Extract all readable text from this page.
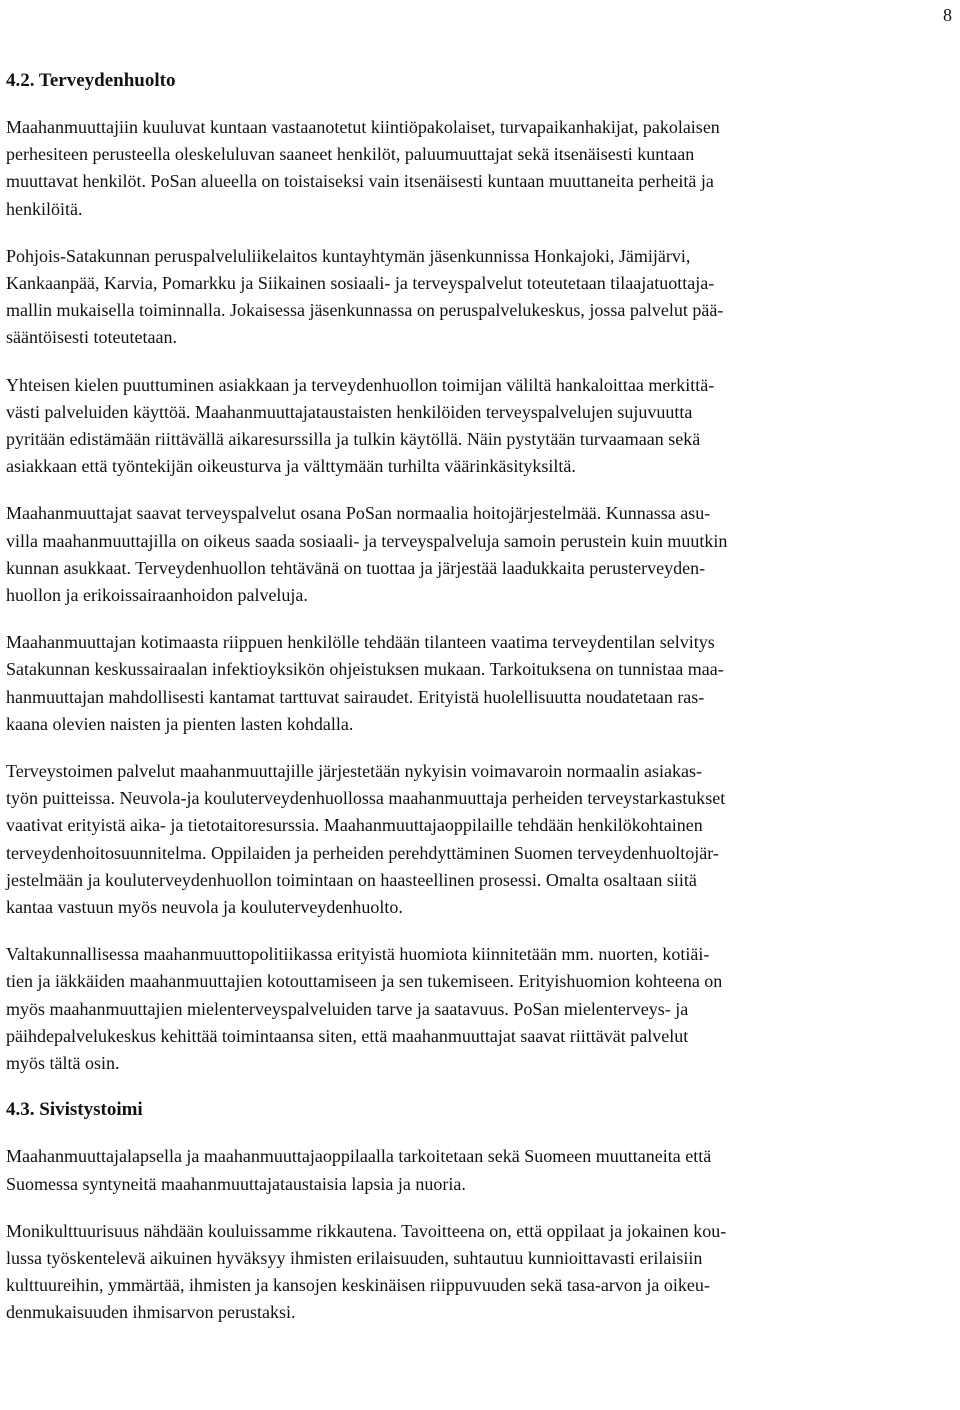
8
4.2. Terveydenhuolto

Maahanmuuttajiin kuuluvat kuntaan vastaanotetut kiintiöpakolaiset, turvapaikanhakijat, pakolaisen
perhesiteen perusteella oleskeluluvan saaneet henkilöt, paluumuuttajat sekä itsenäisesti kuntaan
muuttavat henkilöt. PoSan alueella on toistaiseksi vain itsenäisesti kuntaan muuttaneita perheitä ja
henkilöitä.

Pohjois-Satakunnan peruspalveluliikelaitos kuntayhtymän jäsenkunnissa Honkajoki, Jämijärvi,
Kankaanpää, Karvia, Pomarkku ja Siikainen sosiaali- ja terveyspalvelut toteutetaan tilaajatuottaja-
mallin mukaisella toiminnalla. Jokaisessa jäsenkunnassa on peruspalvelukeskus, jossa palvelut pää-
sääntöisesti toteutetaan.

Yhteisen kielen puuttuminen asiakkaan ja terveydenhuollon toimijan väliltä hankaloittaa merkittä-
västi palveluiden käyttöä. Maahanmuuttajataustaisten henkilöiden terveyspalvelujen sujuvuutta
pyritään edistämään riittävällä aikaresurssilla ja tulkin käytöllä. Näin pystytään turvaamaan sekä
asiakkaan että työntekijän oikeusturva ja välttymään turhilta väärinkäsityksiltä.

Maahanmuuttajat saavat terveyspalvelut osana PoSan normaalia hoitojärjestelmää. Kunnassa asu-
villa maahanmuuttajilla on oikeus saada sosiaali- ja terveyspalveluja samoin perustein kuin muutkin
kunnan asukkaat. Terveydenhuollon tehtävänä on tuottaa ja järjestää laadukkaita perusterveyden-
huollon ja erikoissairaanhoidon palveluja.

Maahanmuuttajan kotimaasta riippuen henkilölle tehdään tilanteen vaatima terveydentilan selvitys
Satakunnan keskussairaalan infektioyksikön ohjeistuksen mukaan. Tarkoituksena on tunnistaa maa-
hanmuuttajan mahdollisesti kantamat tarttuvat sairaudet. Erityistä huolellisuutta noudatetaan ras-
kaana olevien naisten ja pienten lasten kohdalla.

Terveystoimen palvelut maahanmuuttajille järjestetään nykyisin voimavaroin normaalin asiakas-
työn puitteissa. Neuvola-ja kouluterveydenhuollossa maahanmuuttaja perheiden terveystarkastukset
vaativat erityistä aika- ja tietotaitoresurssia. Maahanmuuttajaoppilaille tehdään henkilökohtainen
terveydenhoitosuunnitelma. Oppilaiden ja perheiden perehdyttäminen Suomen terveydenhuoltojär-
jestelmään ja kouluterveydenhuollon toimintaan on haasteellinen prosessi. Omalta osaltaan siitä
kantaa vastuun myös neuvola ja kouluterveydenhuolto.

Valtakunnallisessa maahanmuuttopolitiikassa erityistä huomiota kiinnitetään mm. nuorten, kotiäi-
tien ja iäkkäiden maahanmuuttajien kotouttamiseen ja sen tukemiseen. Erityishuomion kohteena on
myös maahanmuuttajien mielenterveyspalveluiden tarve ja saatavuus. PoSan mielenterveys- ja
päihdepalvelukeskus kehittää toimintaansa siten, että maahanmuuttajat saavat riittävät palvelut
myös tältä osin.

4.3. Sivistystoimi

Maahanmuuttajalapsella ja maahanmuuttajaoppilaalla tarkoitetaan sekä Suomeen muuttaneita että
Suomessa syntyneitä maahanmuuttajataustaisia lapsia ja nuoria.

Monikulttuurisuus nähdään kouluissamme rikkautena. Tavoitteena on, että oppilaat ja jokainen kou-
lussa työskentelevä aikuinen hyväksyy ihmisten erilaisuuden, suhtautuu kunnioittavasti erilaisiin
kulttuureihin, ymmärtää, ihmisten ja kansojen keskinäisen riippuvuuden sekä tasa-arvon ja oikeu-
denmukaisuuden ihmisarvon perustaksi.
